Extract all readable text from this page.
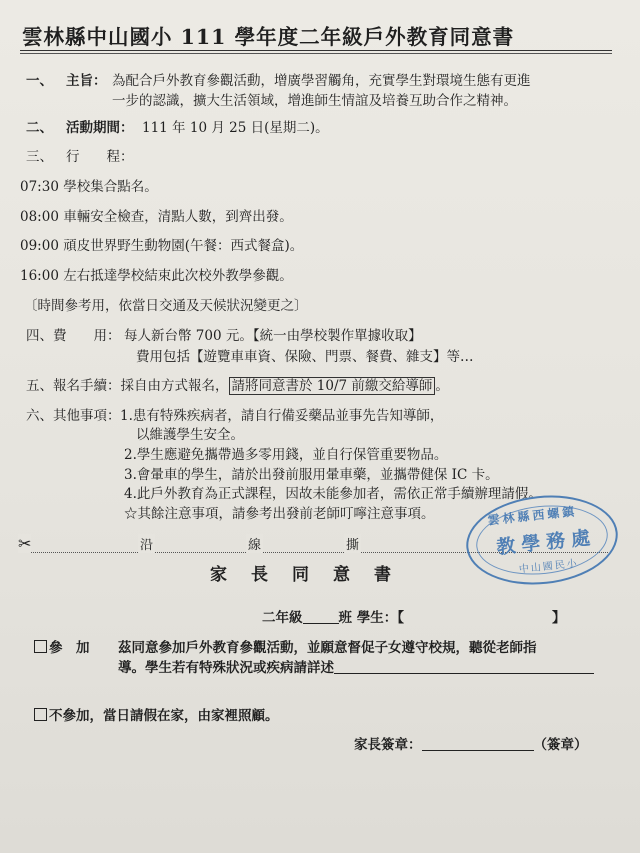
雲林縣中山國小 111 學年度二年級戶外教育同意書
一、 主旨： 為配合戶外教育參觀活動，增廣學習觸角，充實學生對環境生態有更進
一步的認識，擴大生活領域，增進師生情誼及培養互助合作之精神。
二、 活動期間： 111 年 10 月 25 日(星期二)。
三、 行　　程：
07:30 學校集合點名。
08:00 車輛安全檢查，清點人數，到齊出發。
09:00 頑皮世界野生動物園(午餐：西式餐盒)。
16:00 左右抵達學校結束此次校外教學參觀。
〔時間參考用，依當日交通及天候狀況變更之〕
四、費　　用： 每人新台幣 700 元。【統一由學校製作單據收取】
費用包括【遊覽車車資、保險、門票、餐費、雜支】等…
五、報名手續：採自由方式報名， 請將同意書於 10/7 前繳交給導師 。
六、其他事項： 1.患有特殊疾病者，請自行備妥藥品並事先告知導師，
以維護學生安全。
2.學生應避免攜帶過多零用錢，並自行保管重要物品。
3.會暈車的學生，請於出發前服用暈車藥，並攜帶健保 IC 卡。
4.此戶外教育為正式課程，因故未能參加者，需依正常手續辦理請假。
☆其餘注意事項，請參考出發前老師叮嚀注意事項。
✂	沿	線	撕
雲林縣西螺鎮
教學務處
中山國民小
家長同意書
二年級	班 學生：【	】
參　加 茲同意參加戶外教育參觀活動，並願意督促子女遵守校規，聽從老師指
導。學生若有特殊狀況或疾病請詳述
不參加，當日請假在家，由家裡照顧。
家長簽章：	（簽章）
